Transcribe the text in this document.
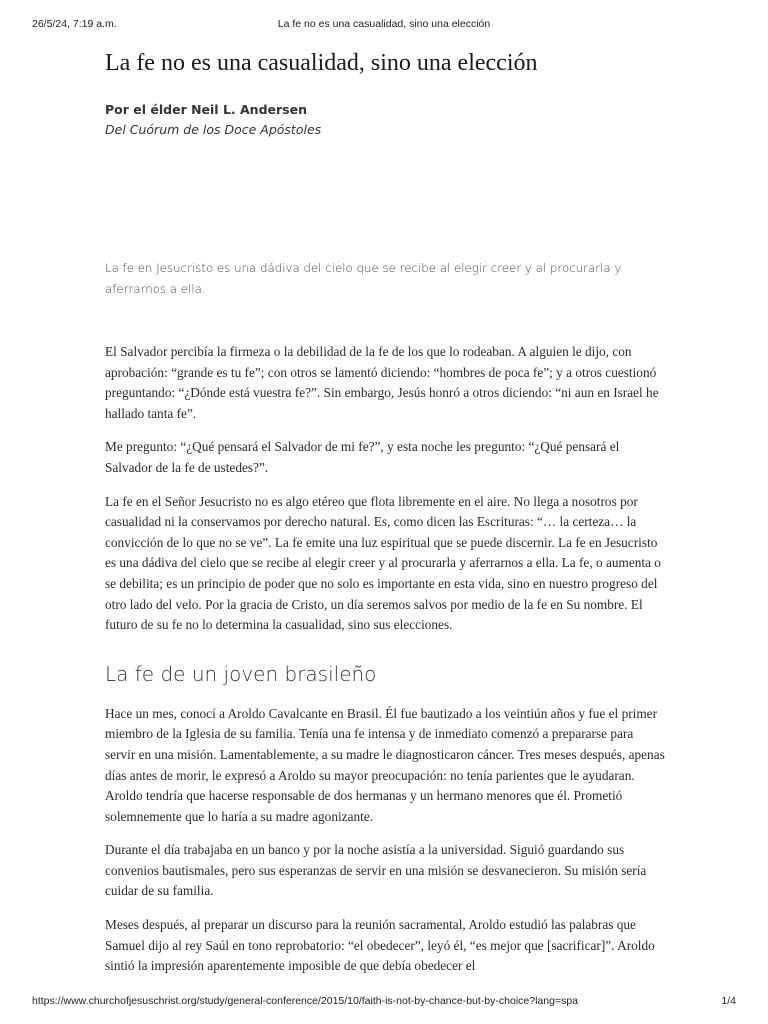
26/5/24, 7:19 a.m.	La fe no es una casualidad, sino una elección
La fe no es una casualidad, sino una elección
Por el élder Neil L. Andersen
Del Cuórum de los Doce Apóstoles

La fe en Jesucristo es una dádiva del cielo que se recibe al elegir creer y al procurarla y aferrarnos a ella.

El Salvador percibía la firmeza o la debilidad de la fe de los que lo rodeaban. A alguien le dijo, con aprobación: “grande es tu fe”; con otros se lamentó diciendo: “hombres de poca fe”; y a otros cuestionó preguntando: “¿Dónde está vuestra fe?”. Sin embargo, Jesús honró a otros diciendo: “ni aun en Israel he hallado tanta fe”.

Me pregunto: “¿Qué pensará el Salvador de mi fe?”, y esta noche les pregunto: “¿Qué pensará el Salvador de la fe de ustedes?”.

La fe en el Señor Jesucristo no es algo etéreo que flota libremente en el aire. No llega a nosotros por casualidad ni la conservamos por derecho natural. Es, como dicen las Escrituras: “… la certeza… la convicción de lo que no se ve”. La fe emite una luz espiritual que se puede discernir. La fe en Jesucristo es una dádiva del cielo que se recibe al elegir creer y al procurarla y aferrarnos a ella. La fe, o aumenta o se debilita; es un principio de poder que no solo es importante en esta vida, sino en nuestro progreso del otro lado del velo. Por la gracia de Cristo, un día seremos salvos por medio de la fe en Su nombre. El futuro de su fe no lo determina la casualidad, sino sus elecciones.

La fe de un joven brasileño

Hace un mes, conocí a Aroldo Cavalcante en Brasil. Él fue bautizado a los veintiún años y fue el primer miembro de la Iglesia de su familia. Tenía una fe intensa y de inmediato comenzó a prepararse para servir en una misión. Lamentablemente, a su madre le diagnosticaron cáncer. Tres meses después, apenas días antes de morir, le expresó a Aroldo su mayor preocupación: no tenía parientes que le ayudaran. Aroldo tendría que hacerse responsable de dos hermanas y un hermano menores que él. Prometió solemnemente que lo haría a su madre agonizante.

Durante el día trabajaba en un banco y por la noche asistía a la universidad. Siguió guardando sus convenios bautismales, pero sus esperanzas de servir en una misión se desvanecieron. Su misión sería cuidar de su familia.

Meses después, al preparar un discurso para la reunión sacramental, Aroldo estudió las palabras que Samuel dijo al rey Saúl en tono reprobatorio: “el obedecer”, leyó él, “es mejor que [sacrificar]”. Aroldo sintió la impresión aparentemente imposible de que debía obedecer el

https://www.churchofjesuschrist.org/study/general-conference/2015/10/faith-is-not-by-chance-but-by-choice?lang=spa	1/4
